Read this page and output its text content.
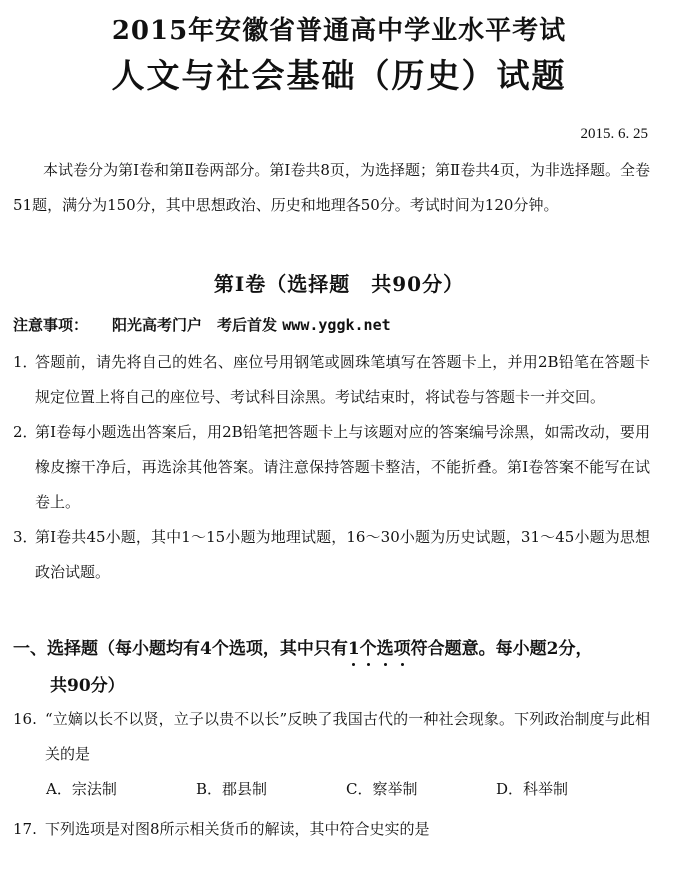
2015年安徽省普通高中学业水平考试
人文与社会基础（历史）试题
2015. 6. 25

本试卷分为第Ⅰ卷和第Ⅱ卷两部分。第Ⅰ卷共8页，为选择题；第Ⅱ卷共4页，为非选择题。全卷51题，满分为150分，其中思想政治、历史和地理各50分。考试时间为120分钟。

第Ⅰ卷（选择题　共90分）
注意事项： 阳光高考门户　考后首发 www.yggk.net
1．
答题前，请先将自己的姓名、座位号用钢笔或圆珠笔填写在答题卡上，并用2B铅笔在答题卡规定位置上将自己的座位号、考试科目涂黑。考试结束时，将试卷与答题卡一并交回。
2．
第Ⅰ卷每小题选出答案后，用2B铅笔把答题卡上与该题对应的答案编号涂黑，如需改动，要用橡皮擦干净后，再选涂其他答案。请注意保持答题卡整洁，不能折叠。第Ⅰ卷答案不能写在试卷上。
3．
第Ⅰ卷共45小题，其中1～15小题为地理试题，16～30小题为历史试题，31～45小题为思想政治试题。
一、选择题（每小题均有4个选项，其中只有1个选项符合题意。每小题2分，
共90分）
16. “立嫡以长不以贤，立子以贵不以长”反映了我国古代的一种社会现象。下列政治制度与此相关的是
A．宗法制	B．郡县制	C．察举制	D．科举制
17. 下列选项是对图8所示相关货币的解读，其中符合史实的是
